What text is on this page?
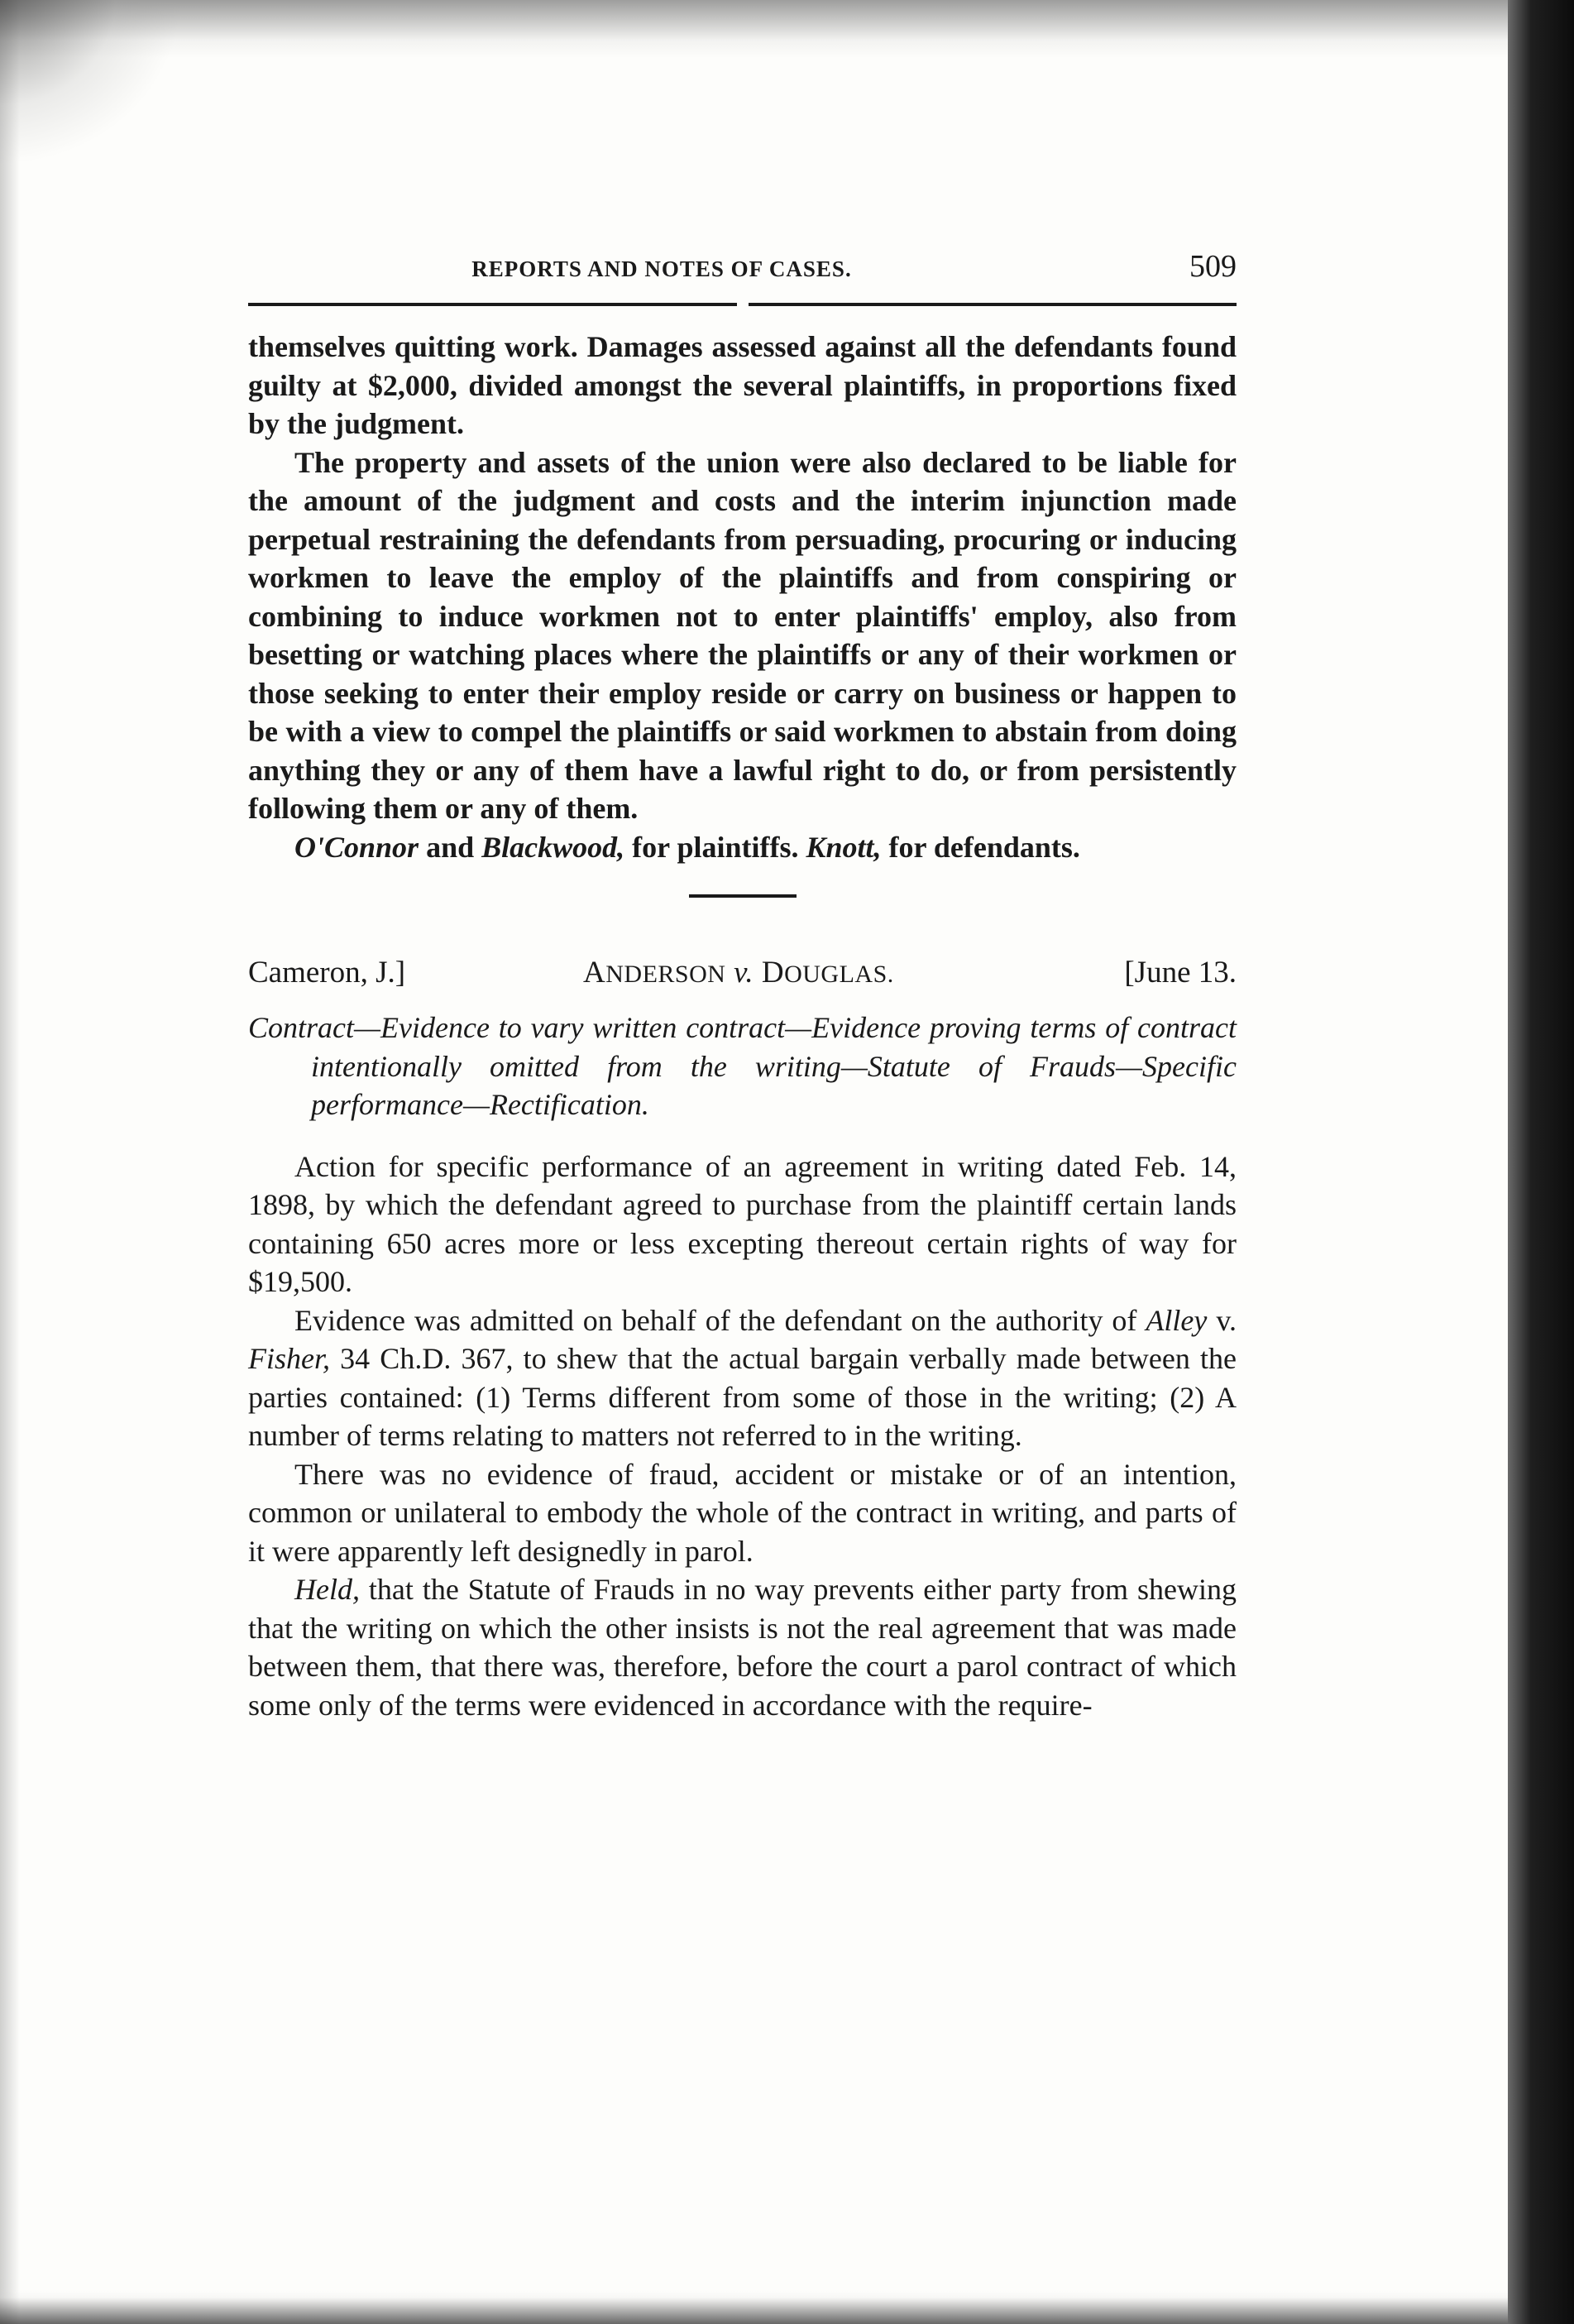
REPORTS AND NOTES OF CASES.	509

themselves quitting work. Damages assessed against all the defendants found guilty at $2,000, divided amongst the several plaintiffs, in proportions fixed by the judgment.

The property and assets of the union were also declared to be liable for the amount of the judgment and costs and the interim injunction made perpetual restraining the defendants from persuading, procuring or inducing workmen to leave the employ of the plaintiffs and from conspiring or combining to induce workmen not to enter plaintiffs' employ, also from besetting or watching places where the plaintiffs or any of their workmen or those seeking to enter their employ reside or carry on business or happen to be with a view to compel the plaintiffs or said workmen to abstain from doing anything they or any of them have a lawful right to do, or from persistently following them or any of them.

O'Connor and Blackwood, for plaintiffs. Knott, for defendants.

Cameron, J.]	ANDERSON v. DOUGLAS.	[June 13.

Contract—Evidence to vary written contract—Evidence proving terms of contract intentionally omitted from the writing—Statute of Frauds—Specific performance—Rectification.

Action for specific performance of an agreement in writing dated Feb. 14, 1898, by which the defendant agreed to purchase from the plaintiff certain lands containing 650 acres more or less excepting thereout certain rights of way for $19,500.

Evidence was admitted on behalf of the defendant on the authority of Alley v. Fisher, 34 Ch.D. 367, to shew that the actual bargain verbally made between the parties contained: (1) Terms different from some of those in the writing; (2) A number of terms relating to matters not referred to in the writing.

There was no evidence of fraud, accident or mistake or of an intention, common or unilateral to embody the whole of the contract in writing, and parts of it were apparently left designedly in parol.

Held, that the Statute of Frauds in no way prevents either party from shewing that the writing on which the other insists is not the real agreement that was made between them, that there was, therefore, before the court a parol contract of which some only of the terms were evidenced in accordance with the require-
